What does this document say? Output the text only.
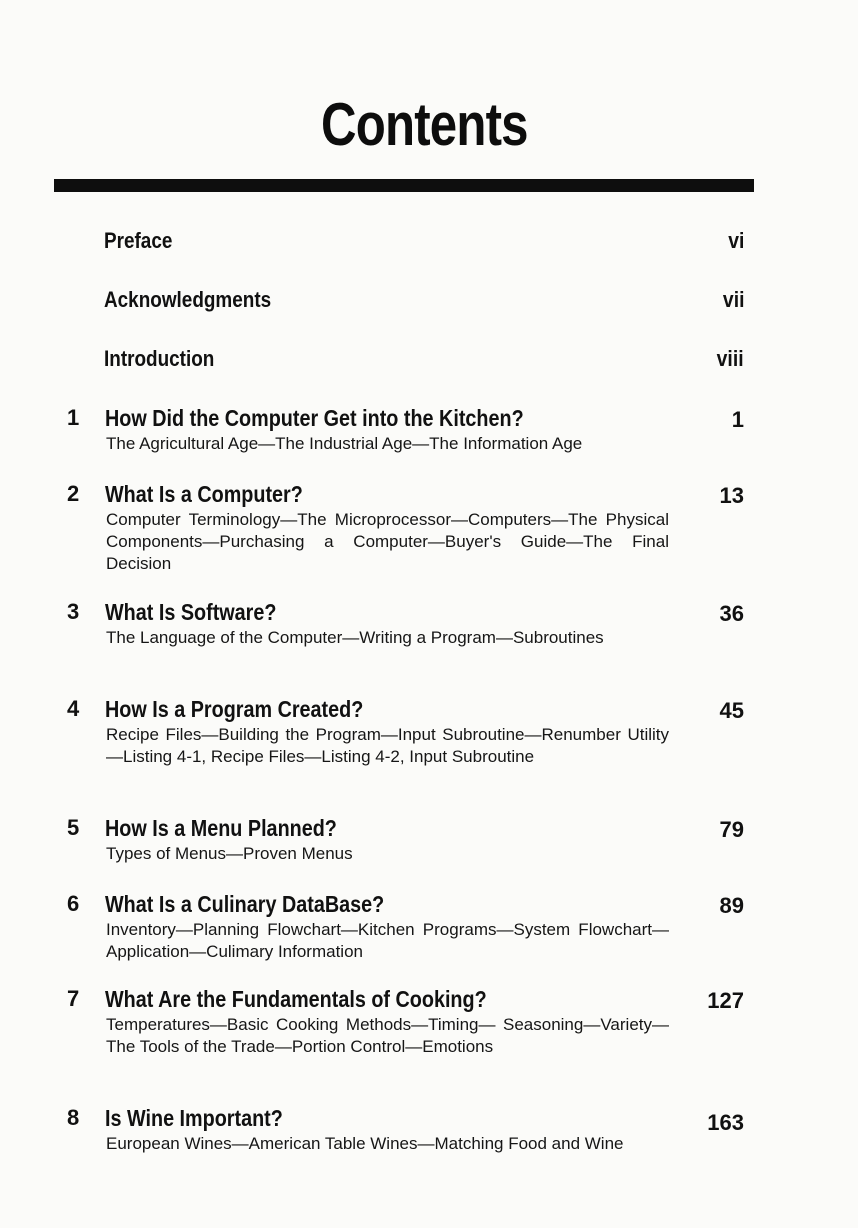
Contents
Preface	vi
Acknowledgments	vii
Introduction	viii
1 How Did the Computer Get into the Kitchen?	1
The Agricultural Age—The Industrial Age—The Information Age
2 What Is a Computer?	13
Computer Terminology—The Microprocessor—Computers—The Physical Components—Purchasing a Computer—Buyer's Guide—The Final Decision
3 What Is Software?	36
The Language of the Computer—Writing a Program—Subroutines
4 How Is a Program Created?	45
Recipe Files—Building the Program—Input Subroutine—Renumber Utility—Listing 4-1, Recipe Files—Listing 4-2, Input Subroutine
5 How Is a Menu Planned?	79
Types of Menus—Proven Menus
6 What Is a Culinary DataBase?	89
Inventory—Planning Flowchart—Kitchen Programs—System Flowchart—Application—Culimary Information
7 What Are the Fundamentals of Cooking?	127
Temperatures—Basic Cooking Methods—Timing— Seasoning—Variety—The Tools of the Trade—Portion Control—Emotions
8 Is Wine Important?	163
European Wines—American Table Wines—Matching Food and Wine
